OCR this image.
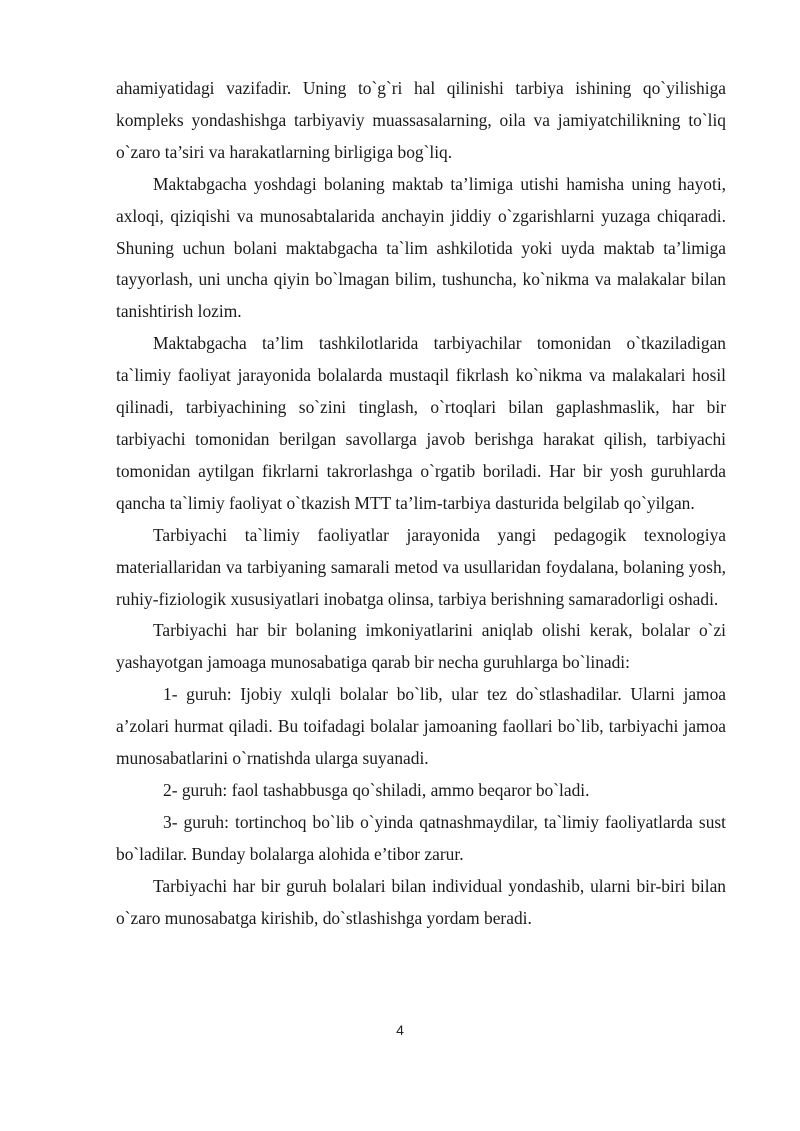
ahamiyatidagi vazifadir. Uning to`g`ri hal qilinishi tarbiya ishining qo`yilishiga kompleks yondashishga tarbiyaviy muassasalarning, oila va jamiyatchilikning to`liq o`zaro ta’siri va harakatlarning birligiga bog`liq.

Maktabgacha yoshdagi bolaning maktab ta’limiga utishi hamisha uning hayoti, axloqi, qiziqishi va munosabtalarida anchayin jiddiy o`zgarishlarni yuzaga chiqaradi. Shuning uchun bolani maktabgacha ta`lim ashkilotida yoki uyda maktab ta’limiga tayyorlash, uni uncha qiyin bo`lmagan bilim, tushuncha, ko`nikma va malakalar bilan tanishtirish lozim.

Maktabgacha ta’lim tashkilotlarida tarbiyachilar tomonidan o`tkaziladigan ta`limiy faoliyat jarayonida bolalarda mustaqil fikrlash ko`nikma va malakalari hosil qilinadi, tarbiyachining so`zini tinglash, o`rtoqlari bilan gaplashmaslik, har bir tarbiyachi tomonidan berilgan savollarga javob berishga harakat qilish, tarbiyachi tomonidan aytilgan fikrlarni takrorlashga o`rgatib boriladi. Har bir yosh guruhlarda qancha ta`limiy faoliyat o`tkazish MTT ta’lim-tarbiya dasturida belgilab qo`yilgan.

Tarbiyachi ta`limiy faoliyatlar jarayonida yangi pedagogik texnologiya materiallaridan va tarbiyaning samarali metod va usullaridan foydalana, bolaning yosh, ruhiy-fiziologik xususiyatlari inobatga olinsa, tarbiya berishning samaradorligi oshadi.

Tarbiyachi har bir bolaning imkoniyatlarini aniqlab olishi kerak, bolalar o`zi yashayotgan jamoaga munosabatiga qarab bir necha guruhlarga bo`linadi:

1- guruh: Ijobiy xulqli bolalar bo`lib, ular tez do`stlashadilar. Ularni jamoa a’zolari hurmat qiladi. Bu toifadagi bolalar jamoaning faollari bo`lib, tarbiyachi jamoa munosabatlarini o`rnatishda ularga suyanadi.

2- guruh: faol tashabbusga qo`shiladi, ammo beqaror bo`ladi.

3- guruh: tortinchoq bo`lib o`yinda qatnashmaydilar, ta`limiy faoliyatlarda sust bo`ladilar. Bunday bolalarga alohida e’tibor zarur.

Tarbiyachi har bir guruh bolalari bilan individual yondashib, ularni bir-biri bilan o`zaro munosabatga kirishib, do`stlashishga yordam beradi.

4
